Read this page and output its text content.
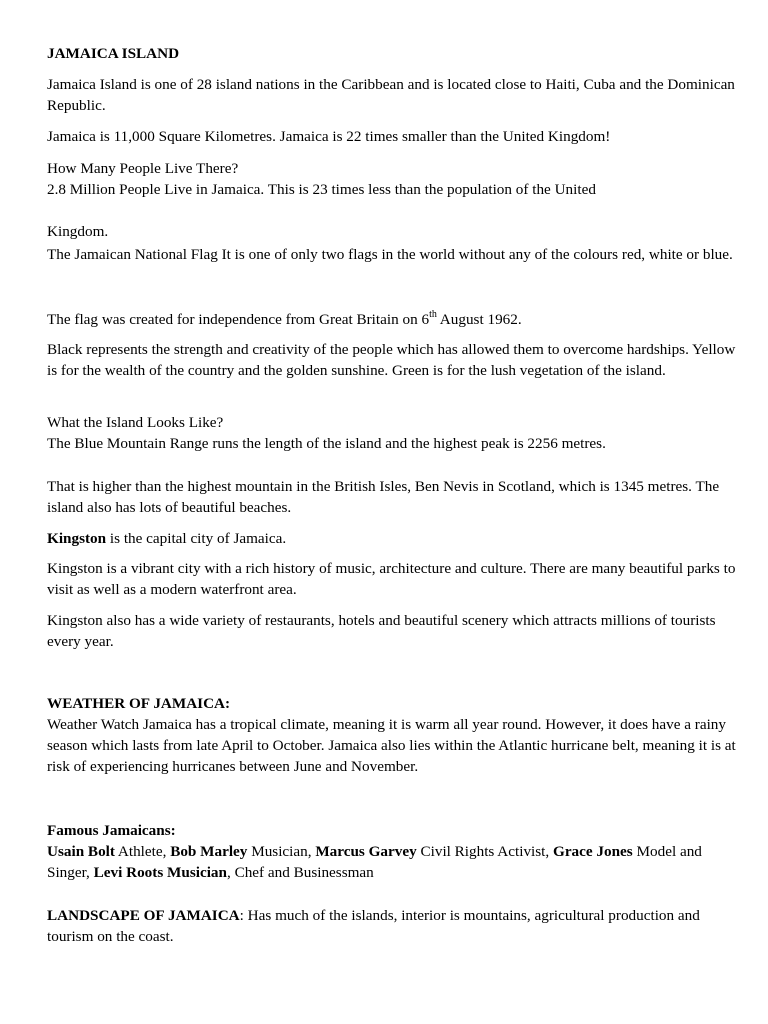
JAMAICA ISLAND

Jamaica Island is one of 28 island nations in the Caribbean and is located close to Haiti, Cuba and the Dominican Republic.

Jamaica is 11,000 Square Kilometres. Jamaica is 22 times smaller than the United Kingdom!

How Many People Live There?

2.8 Million People Live in Jamaica. This is 23 times less than the population of the United

Kingdom.

The Jamaican National Flag It is one of only two flags in the world without any of the colours red, white or blue.

The flag was created for independence from Great Britain on 6th August 1962.

Black represents the strength and creativity of the people which has allowed them to overcome hardships. Yellow is for the wealth of the country and the golden sunshine. Green is for the lush vegetation of the island.

What the Island Looks Like?

The Blue Mountain Range runs the length of the island and the highest peak is 2256 metres.

That is higher than the highest mountain in the British Isles, Ben Nevis in Scotland, which is 1345 metres. The island also has lots of beautiful beaches.

Kingston is the capital city of Jamaica.

Kingston is a vibrant city with a rich history of music, architecture and culture. There are many beautiful parks to visit as well as a modern waterfront area.

Kingston also has a wide variety of restaurants, hotels and beautiful scenery which attracts millions of tourists every year.

WEATHER OF JAMAICA:

Weather Watch Jamaica has a tropical climate, meaning it is warm all year round. However, it does have a rainy season which lasts from late April to October. Jamaica also lies within the Atlantic hurricane belt, meaning it is at risk of experiencing hurricanes between June and November.

Famous Jamaicans:

Usain Bolt Athlete, Bob Marley Musician, Marcus Garvey Civil Rights Activist, Grace Jones Model and Singer, Levi Roots Musician, Chef and Businessman

LANDSCAPE OF JAMAICA: Has much of the islands, interior is mountains, agricultural production and tourism on the coast.
